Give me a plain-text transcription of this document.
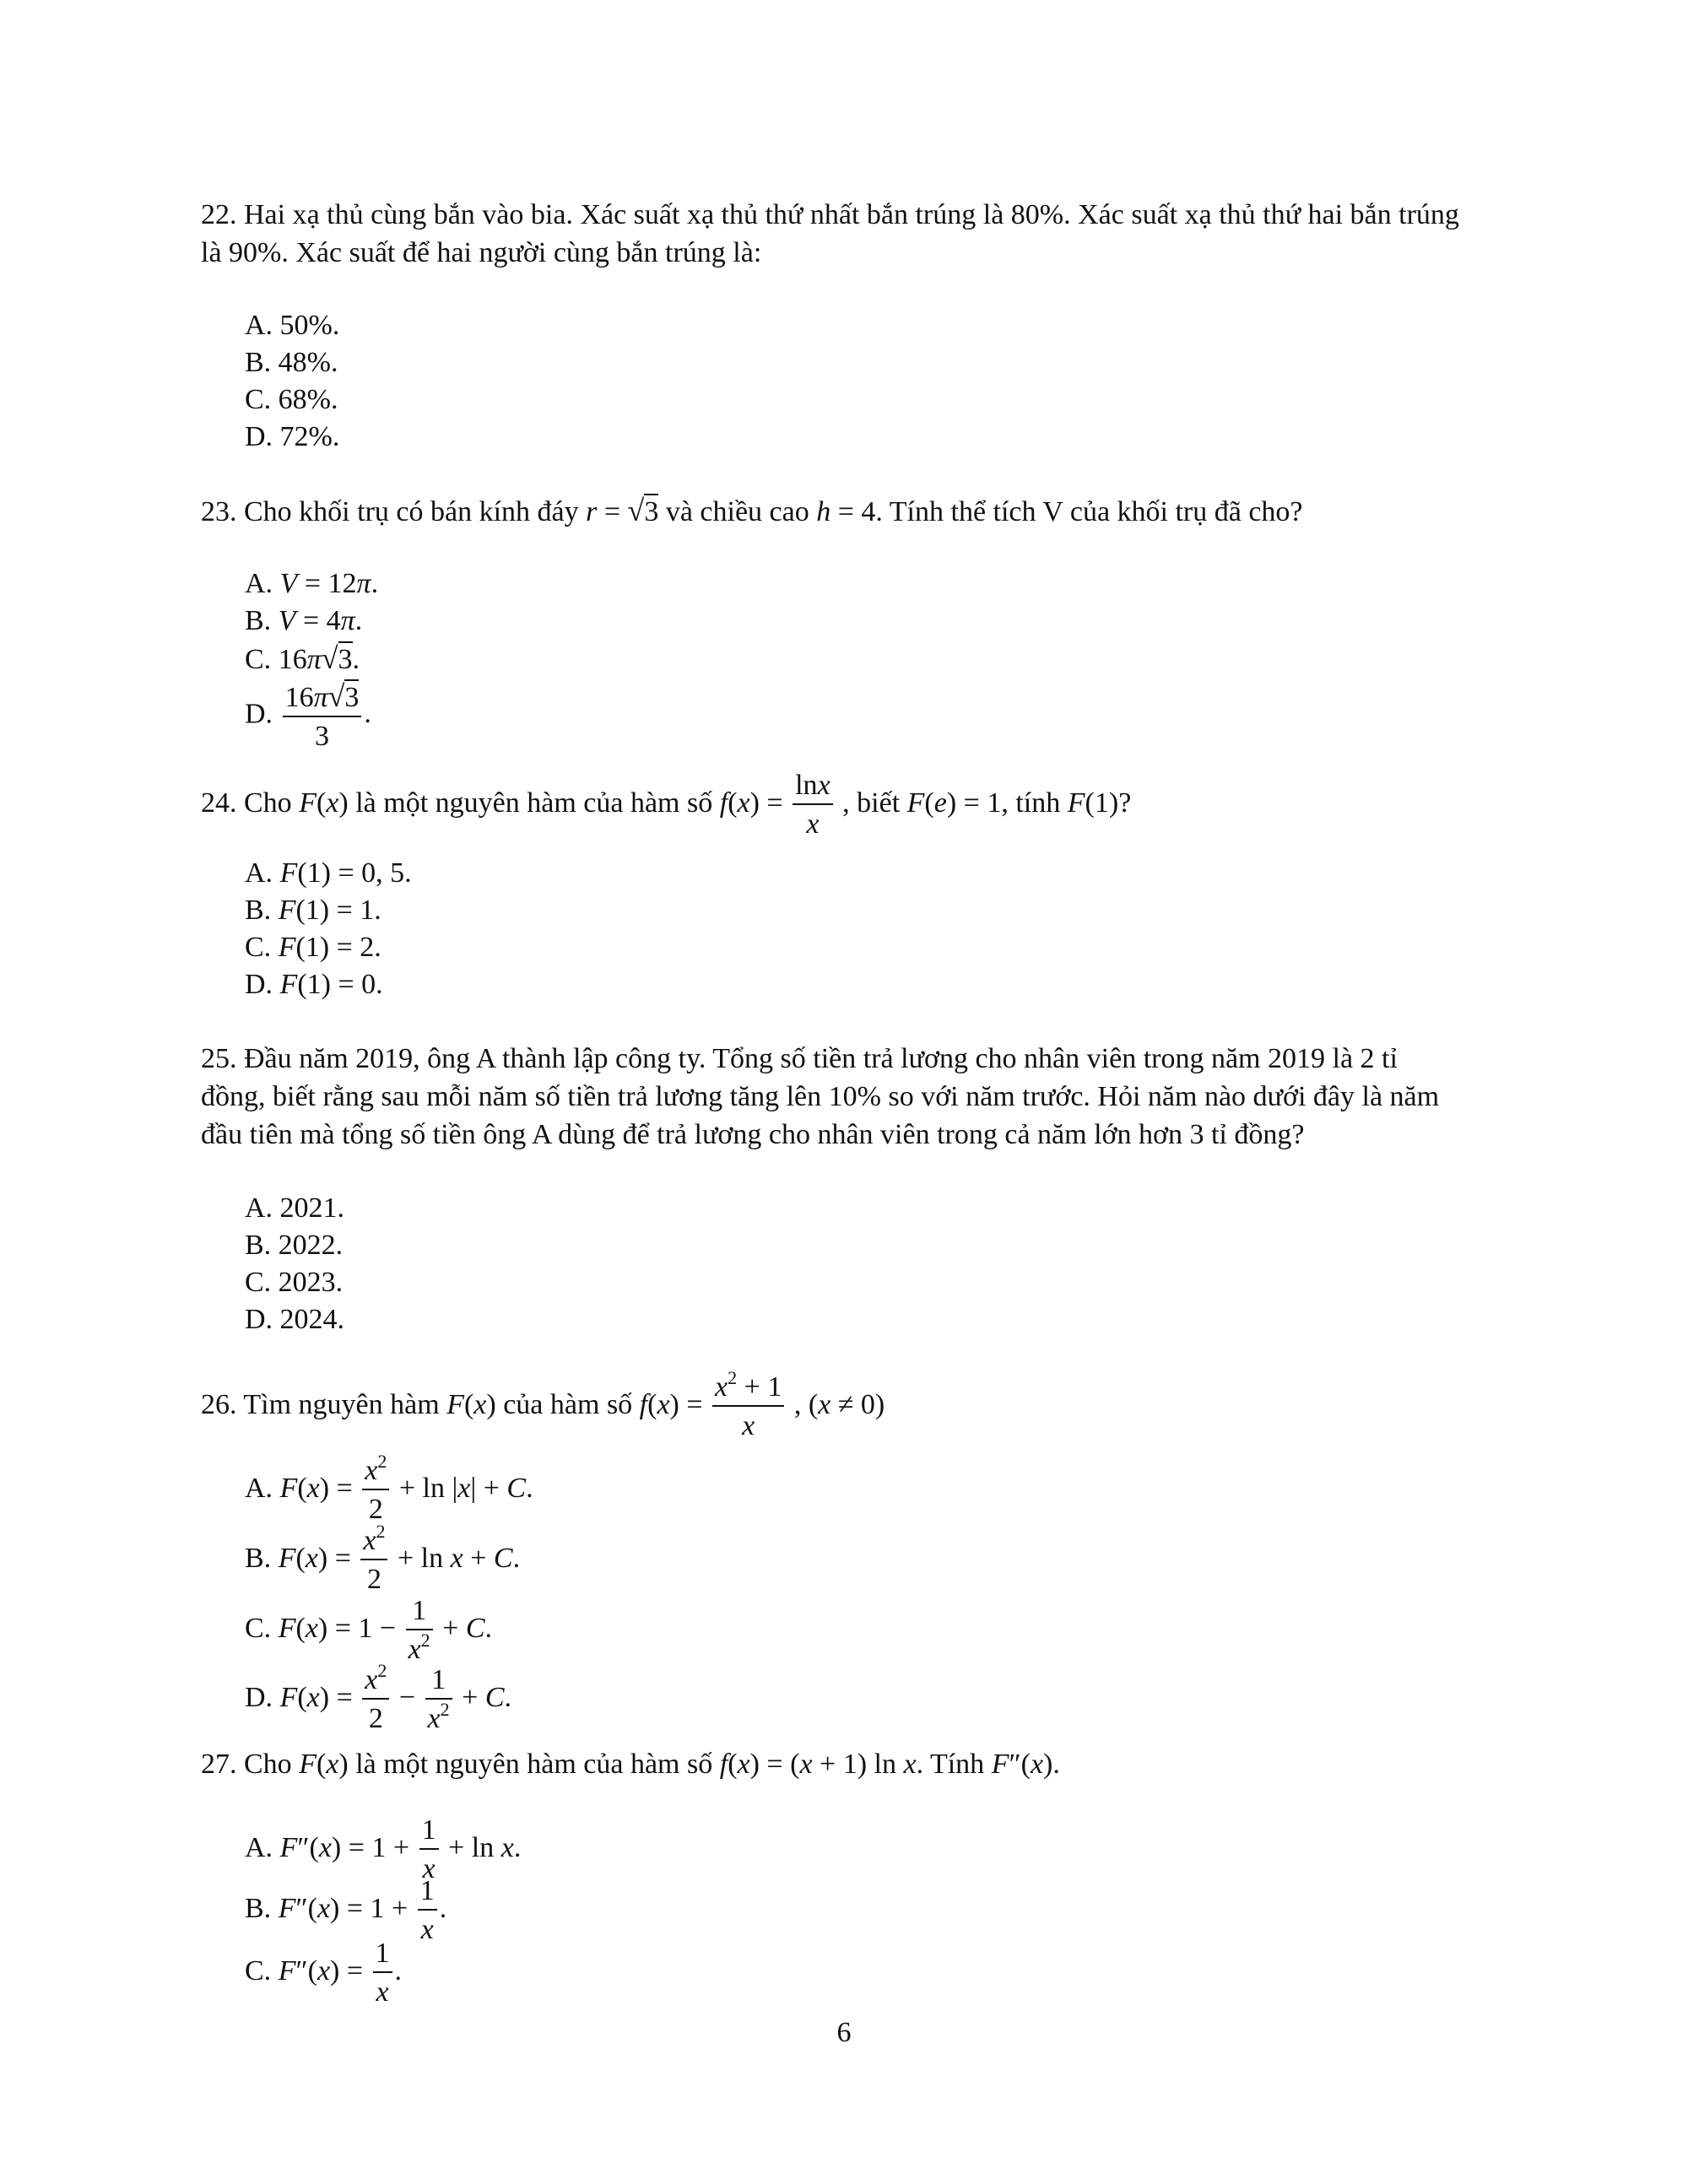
22. Hai xạ thủ cùng bắn vào bia. Xác suất xạ thủ thứ nhất bắn trúng là 80%. Xác suất xạ thủ thứ hai bắn trúng
là 90%. Xác suất để hai người cùng bắn trúng là:
A. 50%.
B. 48%.
C. 68%.
D. 72%.
23. Cho khối trụ có bán kính đáy r = √3 và chiều cao h = 4. Tính thể tích V của khối trụ đã cho?
A. V = 12π.
B. V = 4π.
C. 16π√3.
D. $\frac{16\pi√3}{3}$ .
24. Cho F(x) là một nguyên hàm của hàm số $f(x) = \frac{\ln x}{x}$ , biết F(e) = 1, tính F(1)?
A. F(1) = 0, 5.
B. F(1) = 1.
C. F(1) = 2.
D. F(1) = 0.
25. Đầu năm 2019, ông A thành lập công ty. Tổng số tiền trả lương cho nhân viên trong năm 2019 là 2 tỉ
đồng, biết rằng sau mỗi năm số tiền trả lương tăng lên 10% so với năm trước. Hỏi năm nào dưới đây là năm
đầu tiên mà tổng số tiền ông A dùng để trả lương cho nhân viên trong cả năm lớn hơn 3 tỉ đồng?
A. 2021.
B. 2022.
C. 2023.
D. 2024.
26. Tìm nguyên hàm F(x) của hàm số $f(x) = \frac{x^2 + 1}{x}$ , (x ≠ 0)
A. $F(x) = \frac{x^2}{2} + \ln |x| + C$.
B. $F(x) = \frac{x^2}{2} + \ln x + C$.
C. $F(x) = 1 - \frac{1}{x^2} + C$.
D. $F(x) = \frac{x^2}{2} - \frac{1}{x^2} + C$.
27. Cho F(x) là một nguyên hàm của hàm số f(x) = (x + 1) ln x. Tính F″(x).
A. $F''(x) = 1 + \frac{1}{x} + \ln x$.
B. $F''(x) = 1 + \frac{1}{x}$ .
C. $F''(x) = \frac{1}{x}$ .
6
